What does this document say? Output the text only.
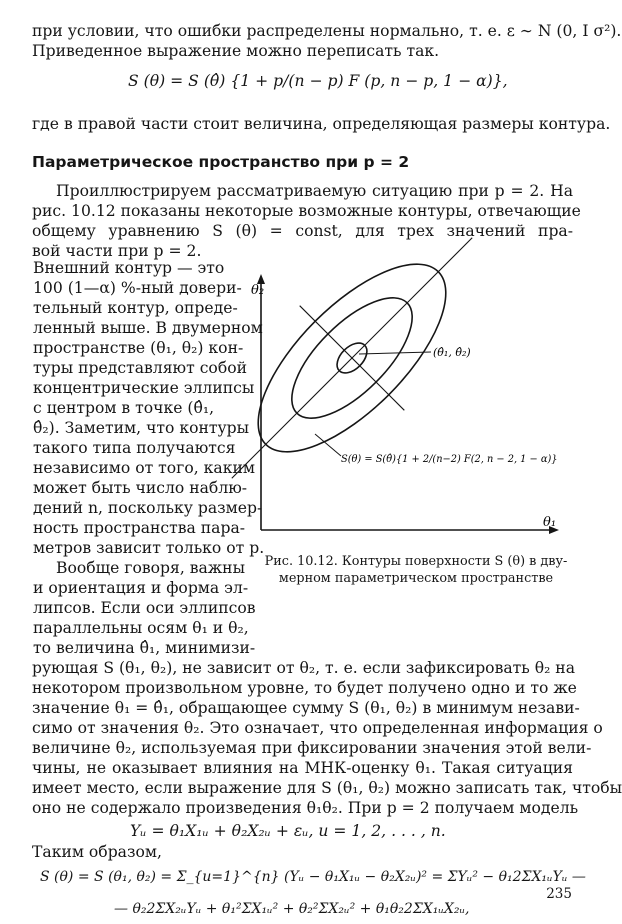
при условии, что ошибки распределены нормально, т. е. ε ∼ N (0, I σ²).
Приведенное выражение можно переписать так.
S (θ) = S (θ̂) {1 + p/(n − p) F (p, n − p, 1 − α)},
где в правой части стоит величина, определяющая размеры контура.
Параметрическое пространство при p = 2
Проиллюстрируем рассматриваемую ситуацию при p = 2. На
рис. 10.12 показаны некоторые возможные контуры, отвечающие
общему уравнению S (θ) = const, для трех значений пра-
вой части при p = 2.
Внешний контур — это
100 (1—α) %-ный довери-
тельный контур, опреде-
ленный выше. В двумерном
пространстве (θ₁, θ₂) кон-
туры представляют собой
концентрические эллипсы
с центром в точке (θ̂₁,
θ̂₂). Заметим, что контуры
такого типа получаются
независимо от того, каким
может быть число наблю-
дений n, поскольку размер-
ность пространства пара-
метров зависит только от p.
Вообще говоря, важны
и ориентация и форма эл-
липсов. Если оси эллипсов
параллельны осям θ₁ и θ₂,
то величина θ̂₁, минимизи-
θ₂
θ₁
(θ̂₁, θ̂₂)
S(θ) = S(θ̂){1 + 2/(n−2) F(2, n − 2, 1 − α)}
Рис. 10.12. Контуры поверхности S (θ) в дву-
мерном параметрическом пространстве
рующая S (θ₁, θ₂), не зависит от θ₂, т. е. если зафиксировать θ₂ на
некотором произвольном уровне, то будет получено одно и то же
значение θ₁ = θ̂₁, обращающее сумму S (θ₁, θ₂) в минимум незави-
симо от значения θ₂. Это означает, что определенная информация о
величине θ₂, используемая при фиксировании значения этой вели-
чины, не оказывает влияния на МНК-оценку θ₁. Такая ситуация
имеет место, если выражение для S (θ₁, θ₂) можно записать так, чтобы
оно не содержало произведения θ₁θ₂. При p = 2 получаем модель
Yᵤ = θ₁X₁ᵤ + θ₂X₂ᵤ + εᵤ, u = 1, 2, . . . , n.
Таким образом,
S (θ) = S (θ₁, θ₂) = Σ_{u=1}^{n} (Yᵤ − θ₁X₁ᵤ − θ₂X₂ᵤ)² = ΣYᵤ² − θ₁2ΣX₁ᵤYᵤ —
— θ₂2ΣX₂ᵤYᵤ + θ₁²ΣX₁ᵤ² + θ₂²ΣX₂ᵤ² + θ₁θ₂2ΣX₁ᵤX₂ᵤ,
235
